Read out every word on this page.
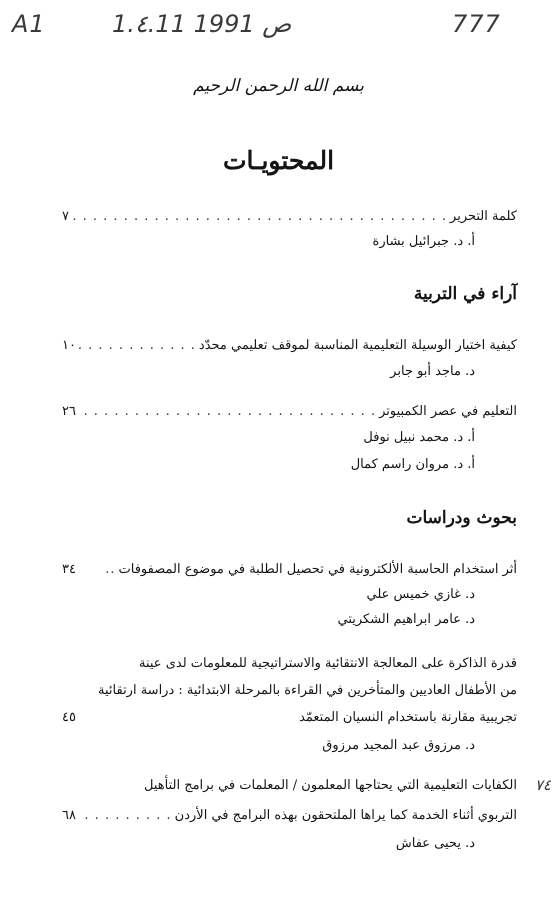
A1	1.٤.11 ص 1991	777
٧٤
بسم الله الرحمن الرحيم
المحتويـات
كلمة التحرير
. . .
٧
أ. د. جبرائيل بشارة
آراء في التربية
كيفية اختيار الوسيلة التعليمية المناسبة لموقف تعليمي محدّد
. . .
١٠
د. ماجد أبو جابر
التعليم في عصر الكمبيوتر
. . .
٢٦
أ. د. محمد نبيل نوفل
أ. د. مروان راسم كمال
بحوث ودراسات
أثر استخدام الحاسبة الألكترونية في تحصيل الطلبة في موضوع المصفوفات
..
٣٤
د. غازي خميس علي
د. عامر ابراهيم الشكريتي
قدرة الذاكرة على المعالجة الانتقائية والاستراتيجية للمعلومات لدى عينة
من الأطفال العاديين والمتأخرين في القراءة بالمرحلة الابتدائية : دراسة ارتقائية
تجريبية مقارنة باستخدام النسيان المتعمّد
٤٥
د. مرزوق عبد المجيد مرزوق
الكفايات التعليمية التي يحتاجها المعلمون / المعلمات في برامج التأهيل
التربوي أثناء الخدمة كما يراها الملتحقون بهذه البرامج في الأردن
. . .
٦٨
د. يحيى عفاش
